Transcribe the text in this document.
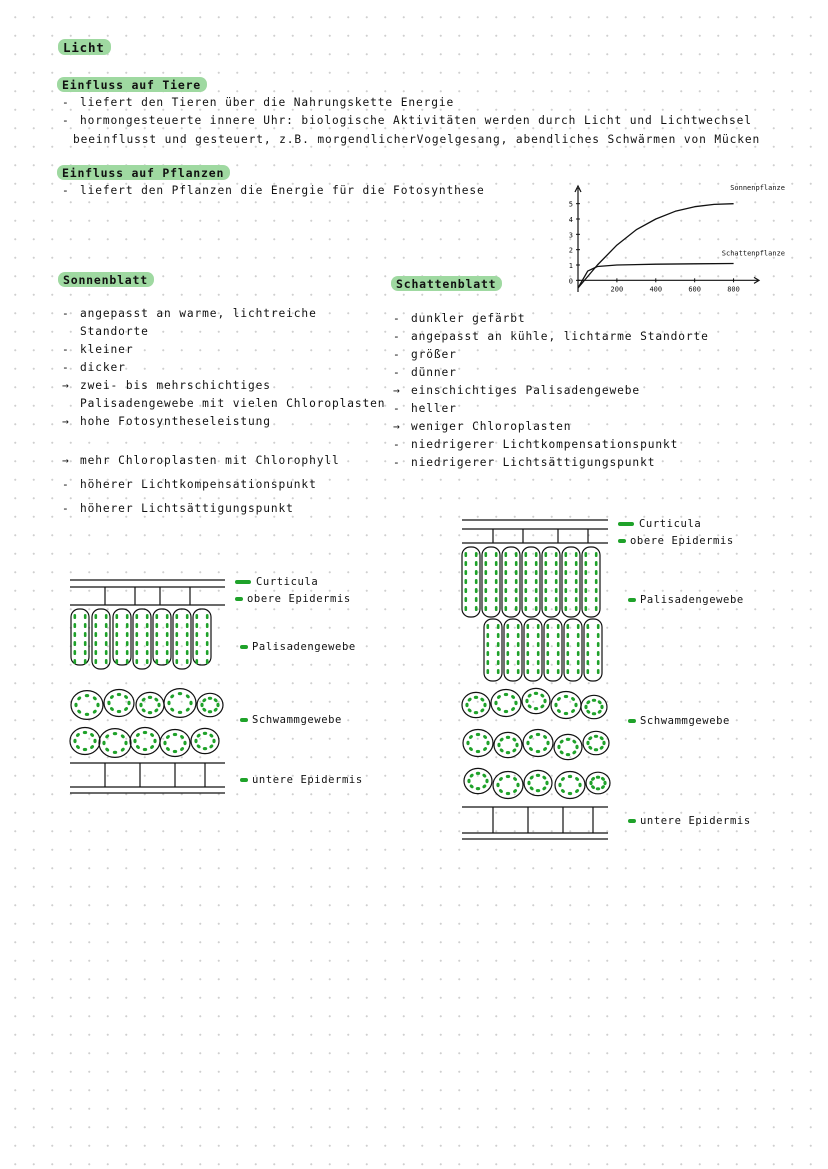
Licht
Einfluss auf Tiere
- liefert den Tieren über die Nahrungskette Energie
- hormongesteuerte innere Uhr: biologische Aktivitäten werden durch Licht und Lichtwechsel
beeinflusst und gesteuert, z.B. morgendlicherVogelgesang, abendliches Schwärmen von Mücken
Einfluss auf Pflanzen
- liefert den Pflanzen die Energie für die Fotosynthese
0
1
2
3
4
5
200	400	600	800
Sonnenpflanze
Schattenpflanze
Sonnenblatt
- angepasst an warme, lichtreiche
Standorte
- kleiner
- dicker
→ zwei- bis mehrschichtiges
Palisadengewebe mit vielen Chloroplasten
→ hohe Fotosyntheseleistung
→ mehr Chloroplasten mit Chlorophyll
- höherer Lichtkompensationspunkt
- höherer Lichtsättigungspunkt
Schattenblatt
- dunkler gefärbt
- angepasst an kühle, lichtarme Standorte
- größer
- dünner
→ einschichtiges Palisadengewebe
- heller
→ weniger Chloroplasten
- niedrigerer Lichtkompensationspunkt
- niedrigerer Lichtsättigungspunkt
Curticula
obere Epidermis
Palisadengewebe
Schwammgewebe
untere Epidermis
Curticula
obere Epidermis
Palisadengewebe
Schwammgewebe
untere Epidermis
